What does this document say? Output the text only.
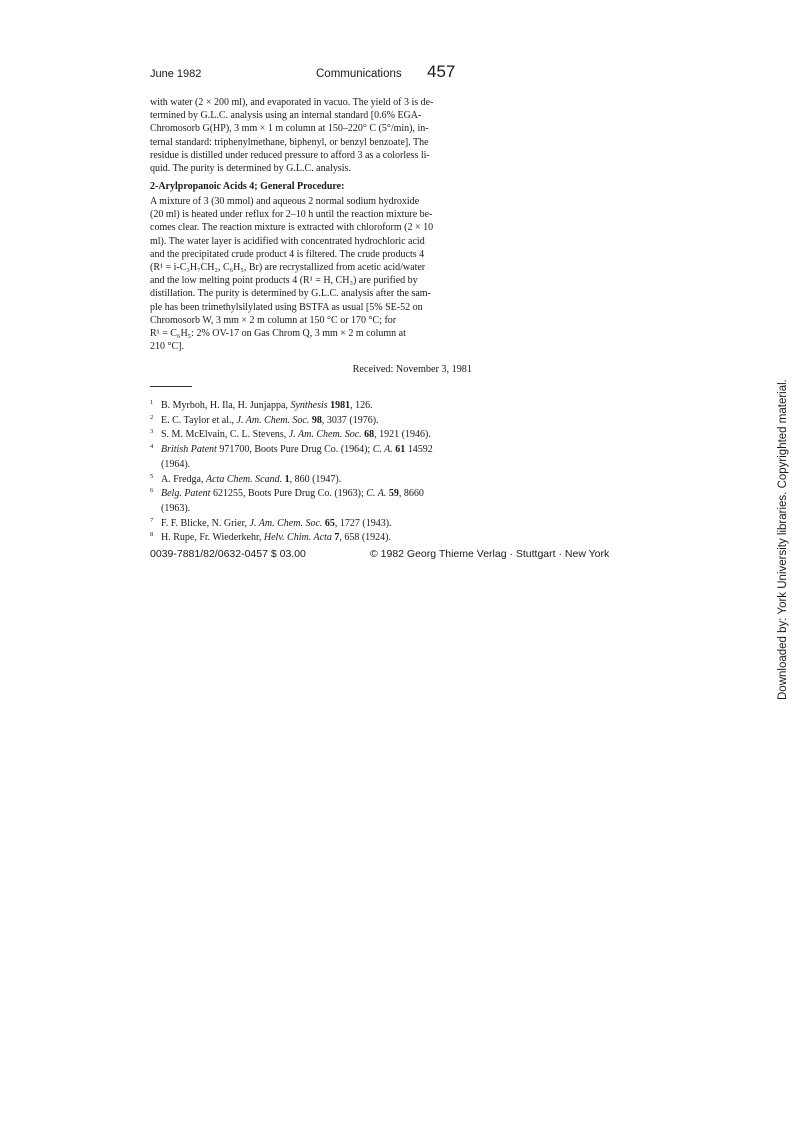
June 1982	Communications 457
with water (2 × 200 ml), and evaporated in vacuo. The yield of 3 is de-
termined by G.L.C. analysis using an internal standard [0.6% EGA-
Chromosorb G(HP), 3 mm × 1 m column at 150–220° C (5°/min), in-
ternal standard: triphenylmethane, biphenyl, or benzyl benzoate]. The
residue is distilled under reduced pressure to afford 3 as a colorless li-
quid. The purity is determined by G.L.C. analysis.
2-Arylpropanoic Acids 4; General Procedure:
A mixture of 3 (30 mmol) and aqueous 2 normal sodium hydroxide
(20 ml) is heated under reflux for 2–10 h until the reaction mixture be-
comes clear. The reaction mixture is extracted with chloroform (2 × 10
ml). The water layer is acidified with concentrated hydrochloric acid
and the precipitated crude product 4 is filtered. The crude products 4
(R¹ = i-C₃H₇CH₂, C₆H₅, Br) are recrystallized from acetic acid/water
and the low melting point products 4 (R¹ = H, CH₃) are purified by
distillation. The purity is determined by G.L.C. analysis after the sam-
ple has been trimethylsilylated using BSTFA as usual [5% SE-52 on
Chromosorb W, 3 mm × 2 m column at 150 °C or 170 °C; for
R¹ = C₆H₅: 2% OV-17 on Gas Chrom Q, 3 mm × 2 m column at
210 °C].
Received: November 3, 1981
1 B. Myrboh, H. Ila, H. Junjappa, Synthesis 1981, 126.
2 E. C. Taylor et al., J. Am. Chem. Soc. 98, 3037 (1976).
3 S. M. McElvain, C. L. Stevens, J. Am. Chem. Soc. 68, 1921 (1946).
4 British Patent 971700, Boots Pure Drug Co. (1964); C. A. 61 14592
(1964).
5 A. Fredga, Acta Chem. Scand. 1, 860 (1947).
6 Belg. Patent 621255, Boots Pure Drug Co. (1963); C. A. 59, 8660
(1963).
7 F. F. Blicke, N. Grier, J. Am. Chem. Soc. 65, 1727 (1943).
8 H. Rupe, Fr. Wiederkehr, Helv. Chim. Acta 7, 658 (1924).
0039-7881/82/0632-0457 $ 03.00	© 1982 Georg Thieme Verlag · Stuttgart · New York	Downloaded by: York University libraries. Copyrighted material.
